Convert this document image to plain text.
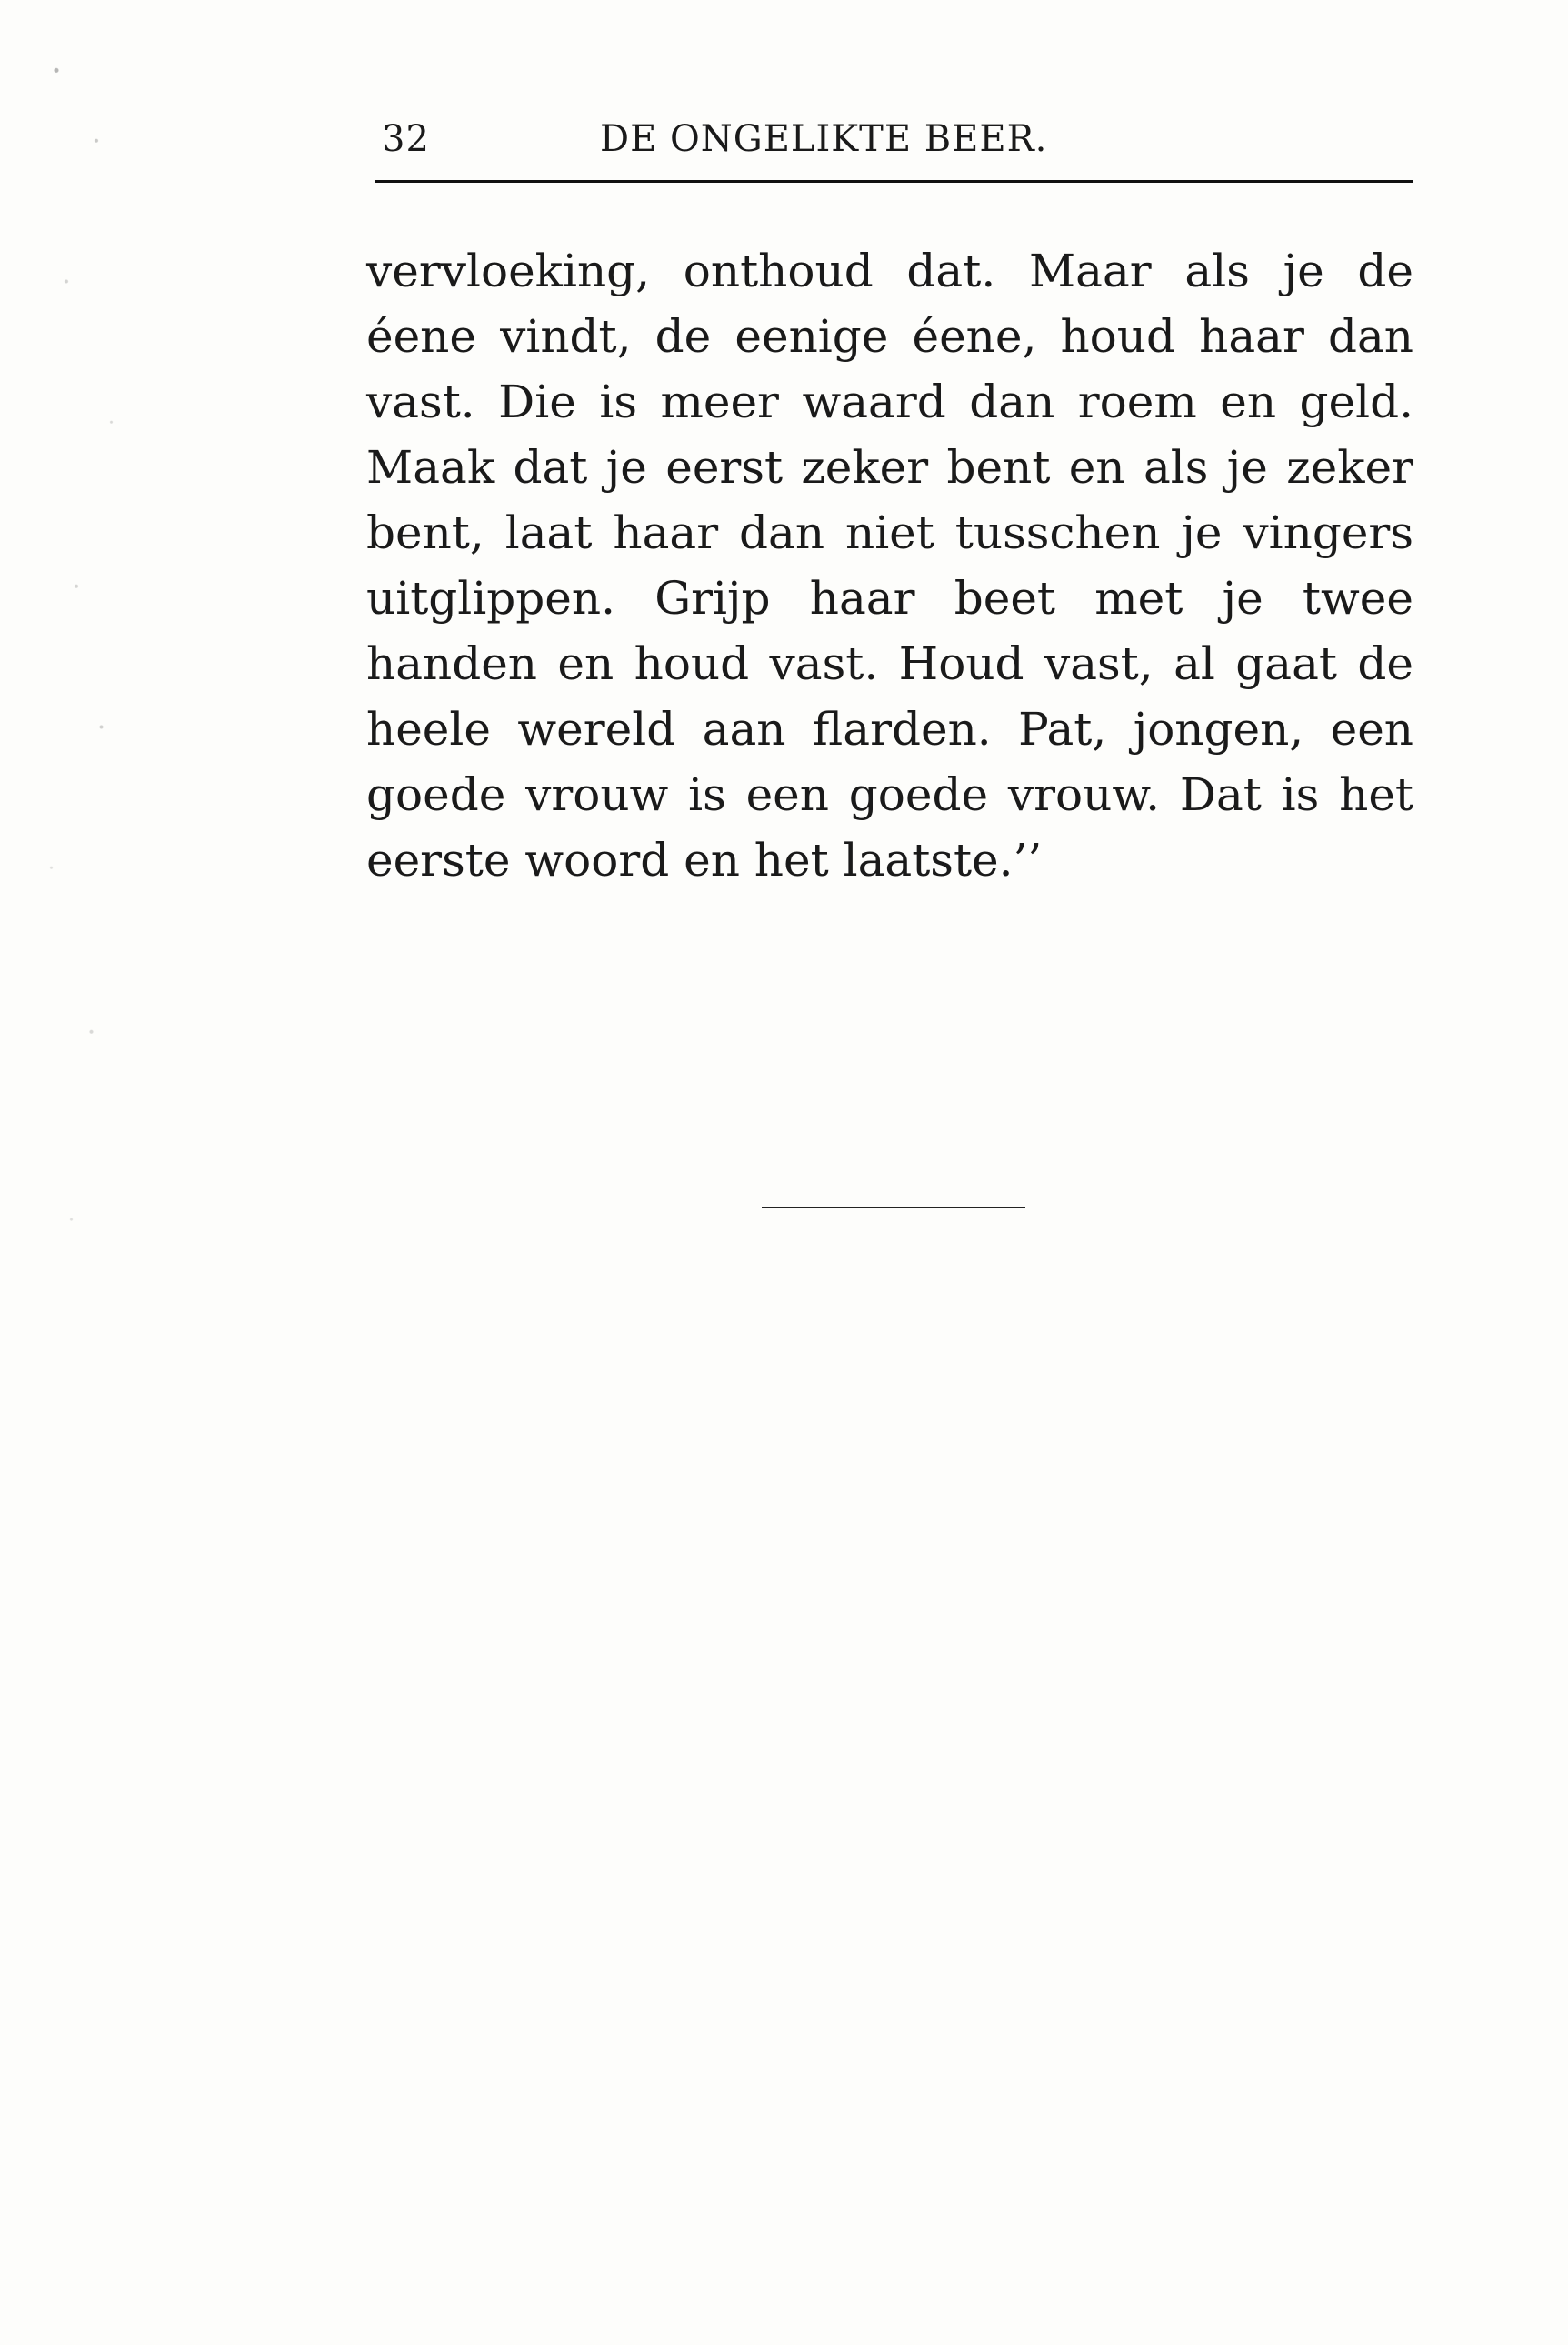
32	DE ONGELIKTE BEER.
vervloeking, onthoud dat. Maar als je de
éene vindt, de eenige éene, houd haar dan
vast. Die is meer waard dan roem en geld.
Maak dat je eerst zeker bent en als je zeker
bent, laat haar dan niet tusschen je vingers
uitglippen. Grijp haar beet met je twee
handen en houd vast. Houd vast, al gaat de
heele wereld aan flarden. Pat, jongen, een
goede vrouw is een goede vrouw. Dat is het
eerste woord en het laatste.’’
